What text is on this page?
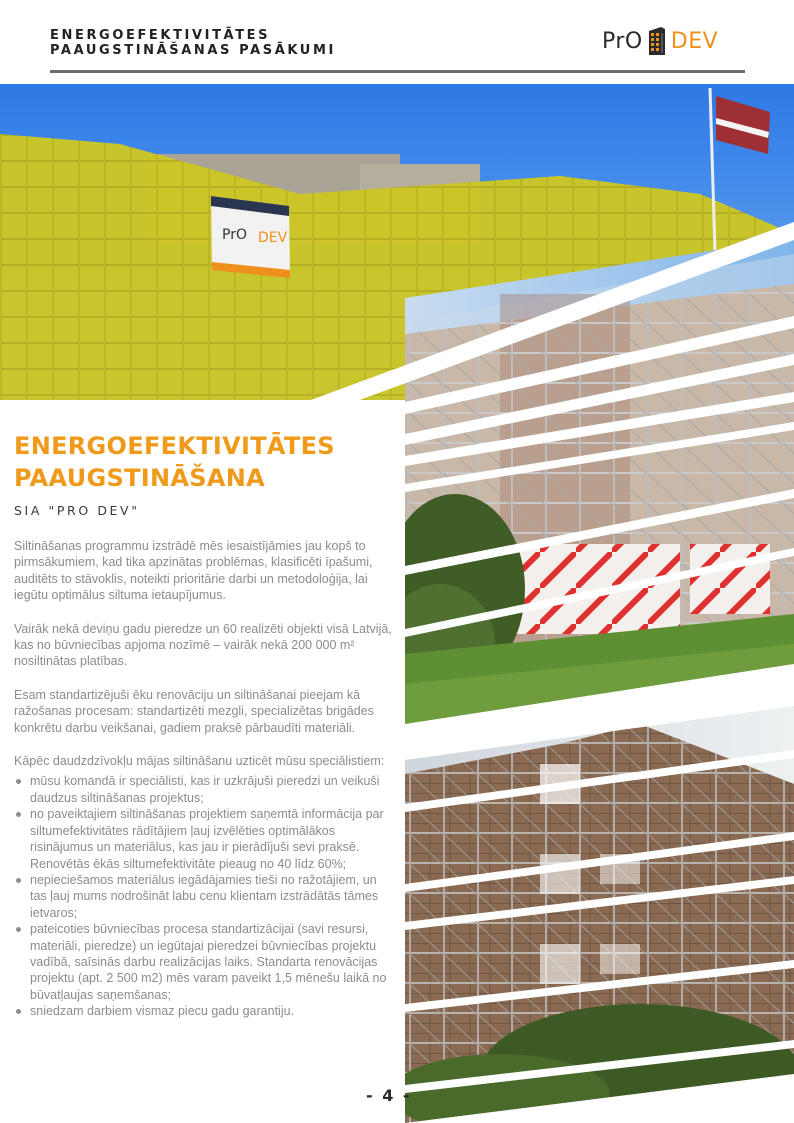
ENERGOEFEKTIVITĀTES
PAAUGSTINĀŠANAS PASĀKUMI	PrO DEV
PrO DEV
ENERGOEFEKTIVITĀTES
PAAUGSTINĀŠANA

SIA "PRO DEV"

Siltināšanas programmu izstrādē mēs iesaistījāmies jau kopš to pirmsākumiem, kad tika apzinātas problēmas, klasificēti īpašumi, auditēts to stāvoklis, noteikti prioritārie darbi un metodoloģija, lai iegūtu optimālus siltuma ietaupījumus.

Vairāk nekā deviņu gadu pieredze un 60 realizēti objekti visā Latvijā, kas no būvniecības apjoma nozīmē – vairāk nekā 200 000 m² nosiltinātas platības.

Esam standartizējuši ēku renovāciju un siltināšanai pieejam kā ražošanas procesam: standartizēti mezgli, specializētas brigādes konkrētu darbu veikšanai, gadiem praksē pārbaudīti materiāli.

Kāpēc daudzdzīvokļu mājas siltināšanu uzticēt mūsu speciālistiem:

mūsu komandā ir speciālisti, kas ir uzkrājuši pieredzi un veikuši daudzus siltināšanas projektus;
no paveiktajiem siltināšanas projektiem saņemtā informācija par siltumefektivitātes rādītājiem ļauj izvēlēties optimālākos risinājumus un materiālus, kas jau ir pierādījuši sevi praksē. Renovētās ēkās siltumefektivitāte pieaug no 40 līdz 60%;
nepieciešamos materiālus iegādājamies tieši no ražotājiem, un tas ļauj mums nodrošināt labu cenu klientam izstrādātās tāmes ietvaros;
pateicoties būvniecības procesa standartizācijai (savi resursi, materiāli, pieredze) un iegūtajai pieredzei būvniecības projektu vadībā, saīsinās darbu realizācijas laiks. Standarta renovācijas projektu (apt. 2 500 m2) mēs varam paveikt 1,5 mēnešu laikā no būvatļaujas saņemšanas;
sniedzam darbiem vismaz piecu gadu garantiju.
- 4 -
